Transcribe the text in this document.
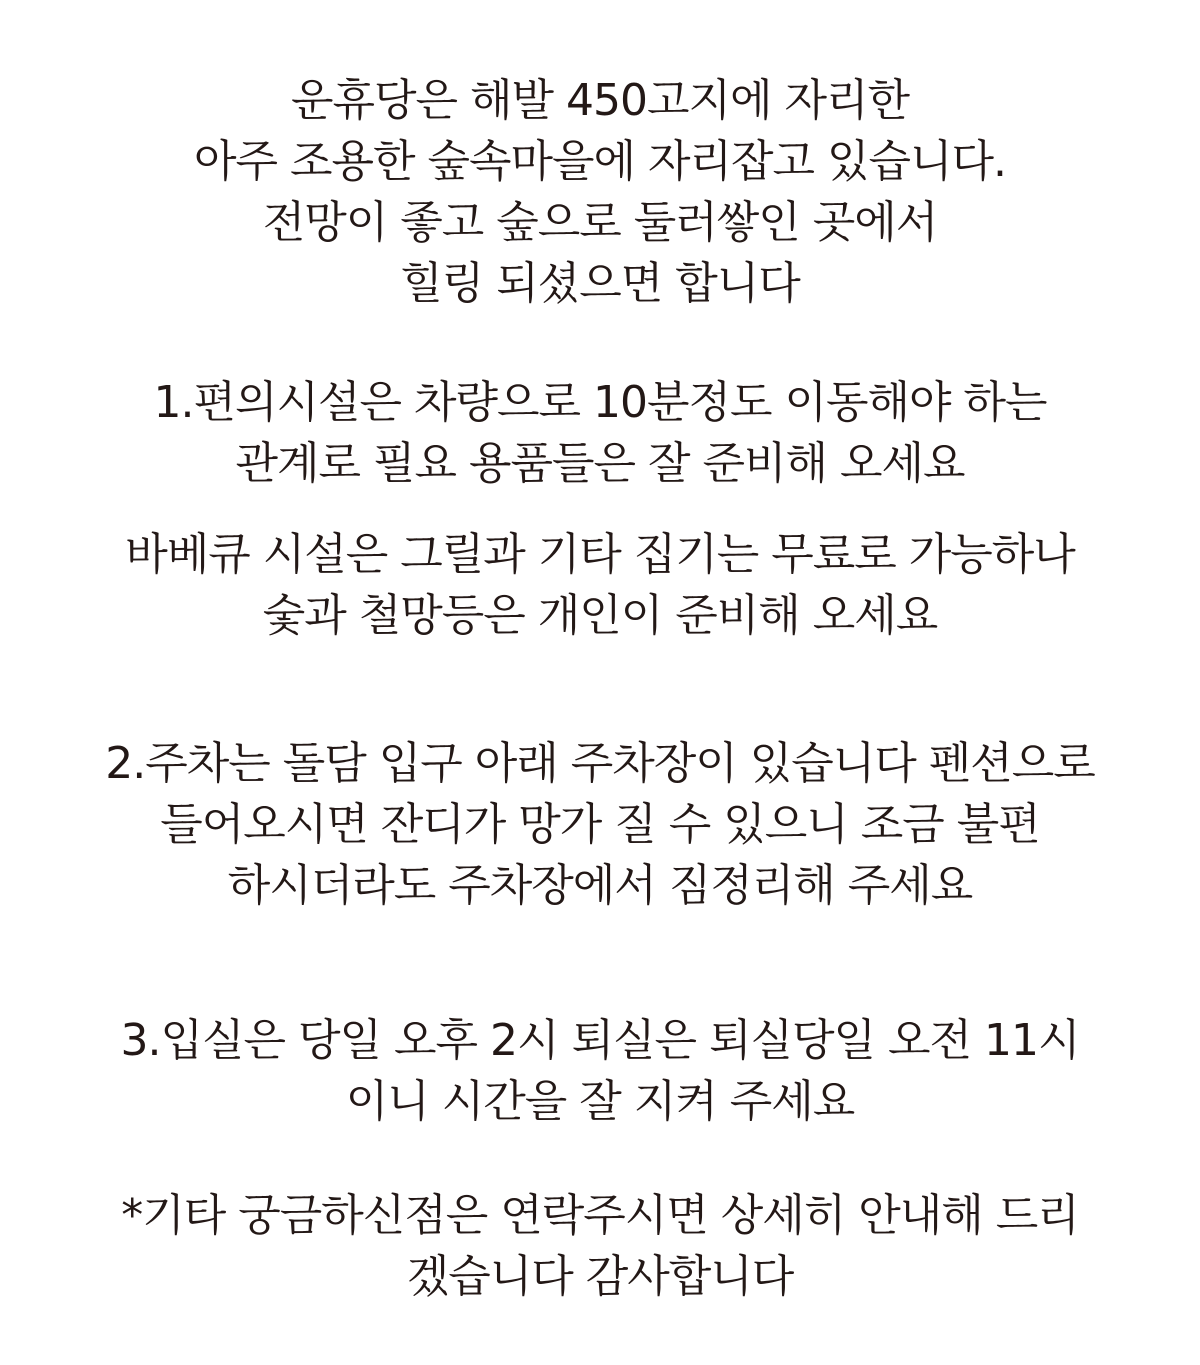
운휴당은 해발 450고지에 자리한
아주 조용한 숲속마을에 자리잡고 있습니다.
전망이 좋고 숲으로 둘러쌓인 곳에서
힐링 되셨으면 합니다
1.편의시설은 차량으로 10분정도 이동해야 하는
관계로 필요 용품들은 잘 준비해 오세요
바베큐 시설은 그릴과 기타 집기는 무료로 가능하나
숯과 철망등은 개인이 준비해 오세요
2.주차는 돌담 입구 아래 주차장이 있습니다 펜션으로
들어오시면 잔디가 망가 질 수 있으니 조금 불편
하시더라도 주차장에서 짐정리해 주세요
3.입실은 당일 오후 2시 퇴실은 퇴실당일 오전 11시
이니 시간을 잘 지켜 주세요
*기타 궁금하신점은 연락주시면 상세히 안내해 드리
겠습니다 감사합니다
